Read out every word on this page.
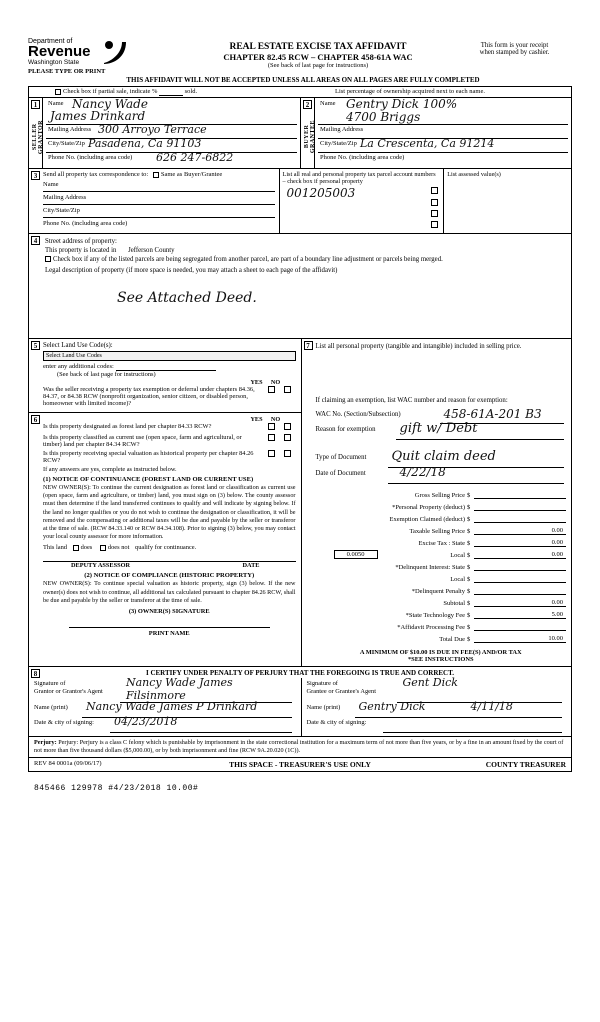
Department of
Revenue
Washington State
REAL ESTATE EXCISE TAX AFFIDAVIT
CHAPTER 82.45 RCW – CHAPTER 458-61A WAC
(See back of last page for instructions)
This form is your receipt
when stamped by cashier.
PLEASE TYPE OR PRINT
THIS AFFIDAVIT WILL NOT BE ACCEPTED UNLESS ALL AREAS ON ALL PAGES ARE FULLY COMPLETED
Check box if partial sale, indicate %	sold.	List percentage of ownership acquired next to each name.
1
SELLER
GRANTOR
Name Nancy Wade
James Drinkard
Mailing Address 300 Arroyo Terrace
City/State/Zip Pasadena, Ca 91103
Phone No. (including area code) 626 247-6822
2
BUYER
GRANTEE
Name Gentry Dick 100%
4700 Briggs
Mailing Address
City/State/Zip La Crescenta, Ca 91214
Phone No. (including area code)
3 Send all property tax correspondence to: Same as Buyer/Grantee
Name
Mailing Address
City/State/Zip
Phone No. (including area code)
List all real and personal property tax parcel account numbers – check box if personal property
001205003
List assessed value(s)
4	Street address of property:
This property is located in Jefferson County
Check box if any of the listed parcels are being segregated from another parcel, are part of a boundary line adjustment or parcels being merged.
Legal description of property (if more space is needed, you may attach a sheet to each page of the affidavit)
See Attached Deed.
5 Select Land Use Code(s):
Select Land Use Codes
enter any additional codes:
(See back of last page for instructions)
YES	NO
Was the seller receiving a property tax exemption or deferral under chapters 84.36, 84.37, or 84.38 RCW (nonprofit organization, senior citizen, or disabled person, homeowner with limited income)?
6	YES	NO
Is this property designated as forest land per chapter 84.33 RCW?
Is this property classified as current use (open space, farm and agricultural, or timber) land per chapter 84.34 RCW?
Is this property receiving special valuation as historical property per chapter 84.26 RCW?
If any answers are yes, complete as instructed below.
(1) NOTICE OF CONTINUANCE (FOREST LAND OR CURRENT USE)
NEW OWNER(S): To continue the current designation as forest land or classification as current use (open space, farm and agriculture, or timber) land, you must sign on (3) below. The county assessor must then determine if the land transferred continues to qualify and will indicate by signing below. If the land no longer qualifies or you do not wish to continue the designation or classification, it will be removed and the compensating or additional taxes will be due and payable by the seller or transferor at the time of sale. (RCW 84.33.140 or RCW 84.34.108). Prior to signing (3) below, you may contact your local county assessor for more information.
This land does does not qualify for continuance.
DEPUTY ASSESSOR	DATE
(2) NOTICE OF COMPLIANCE (HISTORIC PROPERTY)
NEW OWNER(S): To continue special valuation as historic property, sign (3) below. If the new owner(s) does not wish to continue, all additional tax calculated pursuant to chapter 84.26 RCW, shall be due and payable by the seller or transferor at the time of sale.
(3) OWNER(S) SIGNATURE
PRINT NAME
7 List all personal property (tangible and intangible) included in selling price.
If claiming an exemption, list WAC number and reason for exemption:
WAC No. (Section/Subsection)	458-61A-201 B3
Reason for exemption gift w/ Debt
Type of Document Quit claim deed
Date of Document	4/22/18
Gross Selling Price $
*Personal Property (deduct) $
Exemption Claimed (deduct) $
Taxable Selling Price $	0.00
Excise Tax : State $	0.00
0.0050	Local $	0.00
*Delinquent Interest: State $
Local $
*Delinquent Penalty $
Subtotal $	0.00
*State Technology Fee $	5.00
*Affidavit Processing Fee $
Total Due $	10.00
A MINIMUM OF $10.00 IS DUE IN FEE(S) AND/OR TAX
*SEE INSTRUCTIONS
8	I CERTIFY UNDER PENALTY OF PERJURY THAT THE FOREGOING IS TRUE AND CORRECT.
Signature of
Grantor or Grantor's Agent
Nancy Wade James Filsinmore
Name (print) Nancy Wade James P Drinkard
Date & city of signing: 04/23/2018
Signature of
Grantee or Grantee's Agent
Gent Dick
Name (print) Gentry Dick	4/11/18
Date & city of signing:
Perjury: Perjury: Perjury is a class C felony which is punishable by imprisonment in the state correctional institution for a maximum term of not more than five years, or by a fine in an amount fixed by the court of not more than five thousand dollars ($5,000.00), or by both imprisonment and fine (RCW 9A.20.020 (1C)).
REV 84 0001a (09/06/17)	THIS SPACE - TREASURER'S USE ONLY	COUNTY TREASURER
845466 129978 #4/23/2018 10.00#
